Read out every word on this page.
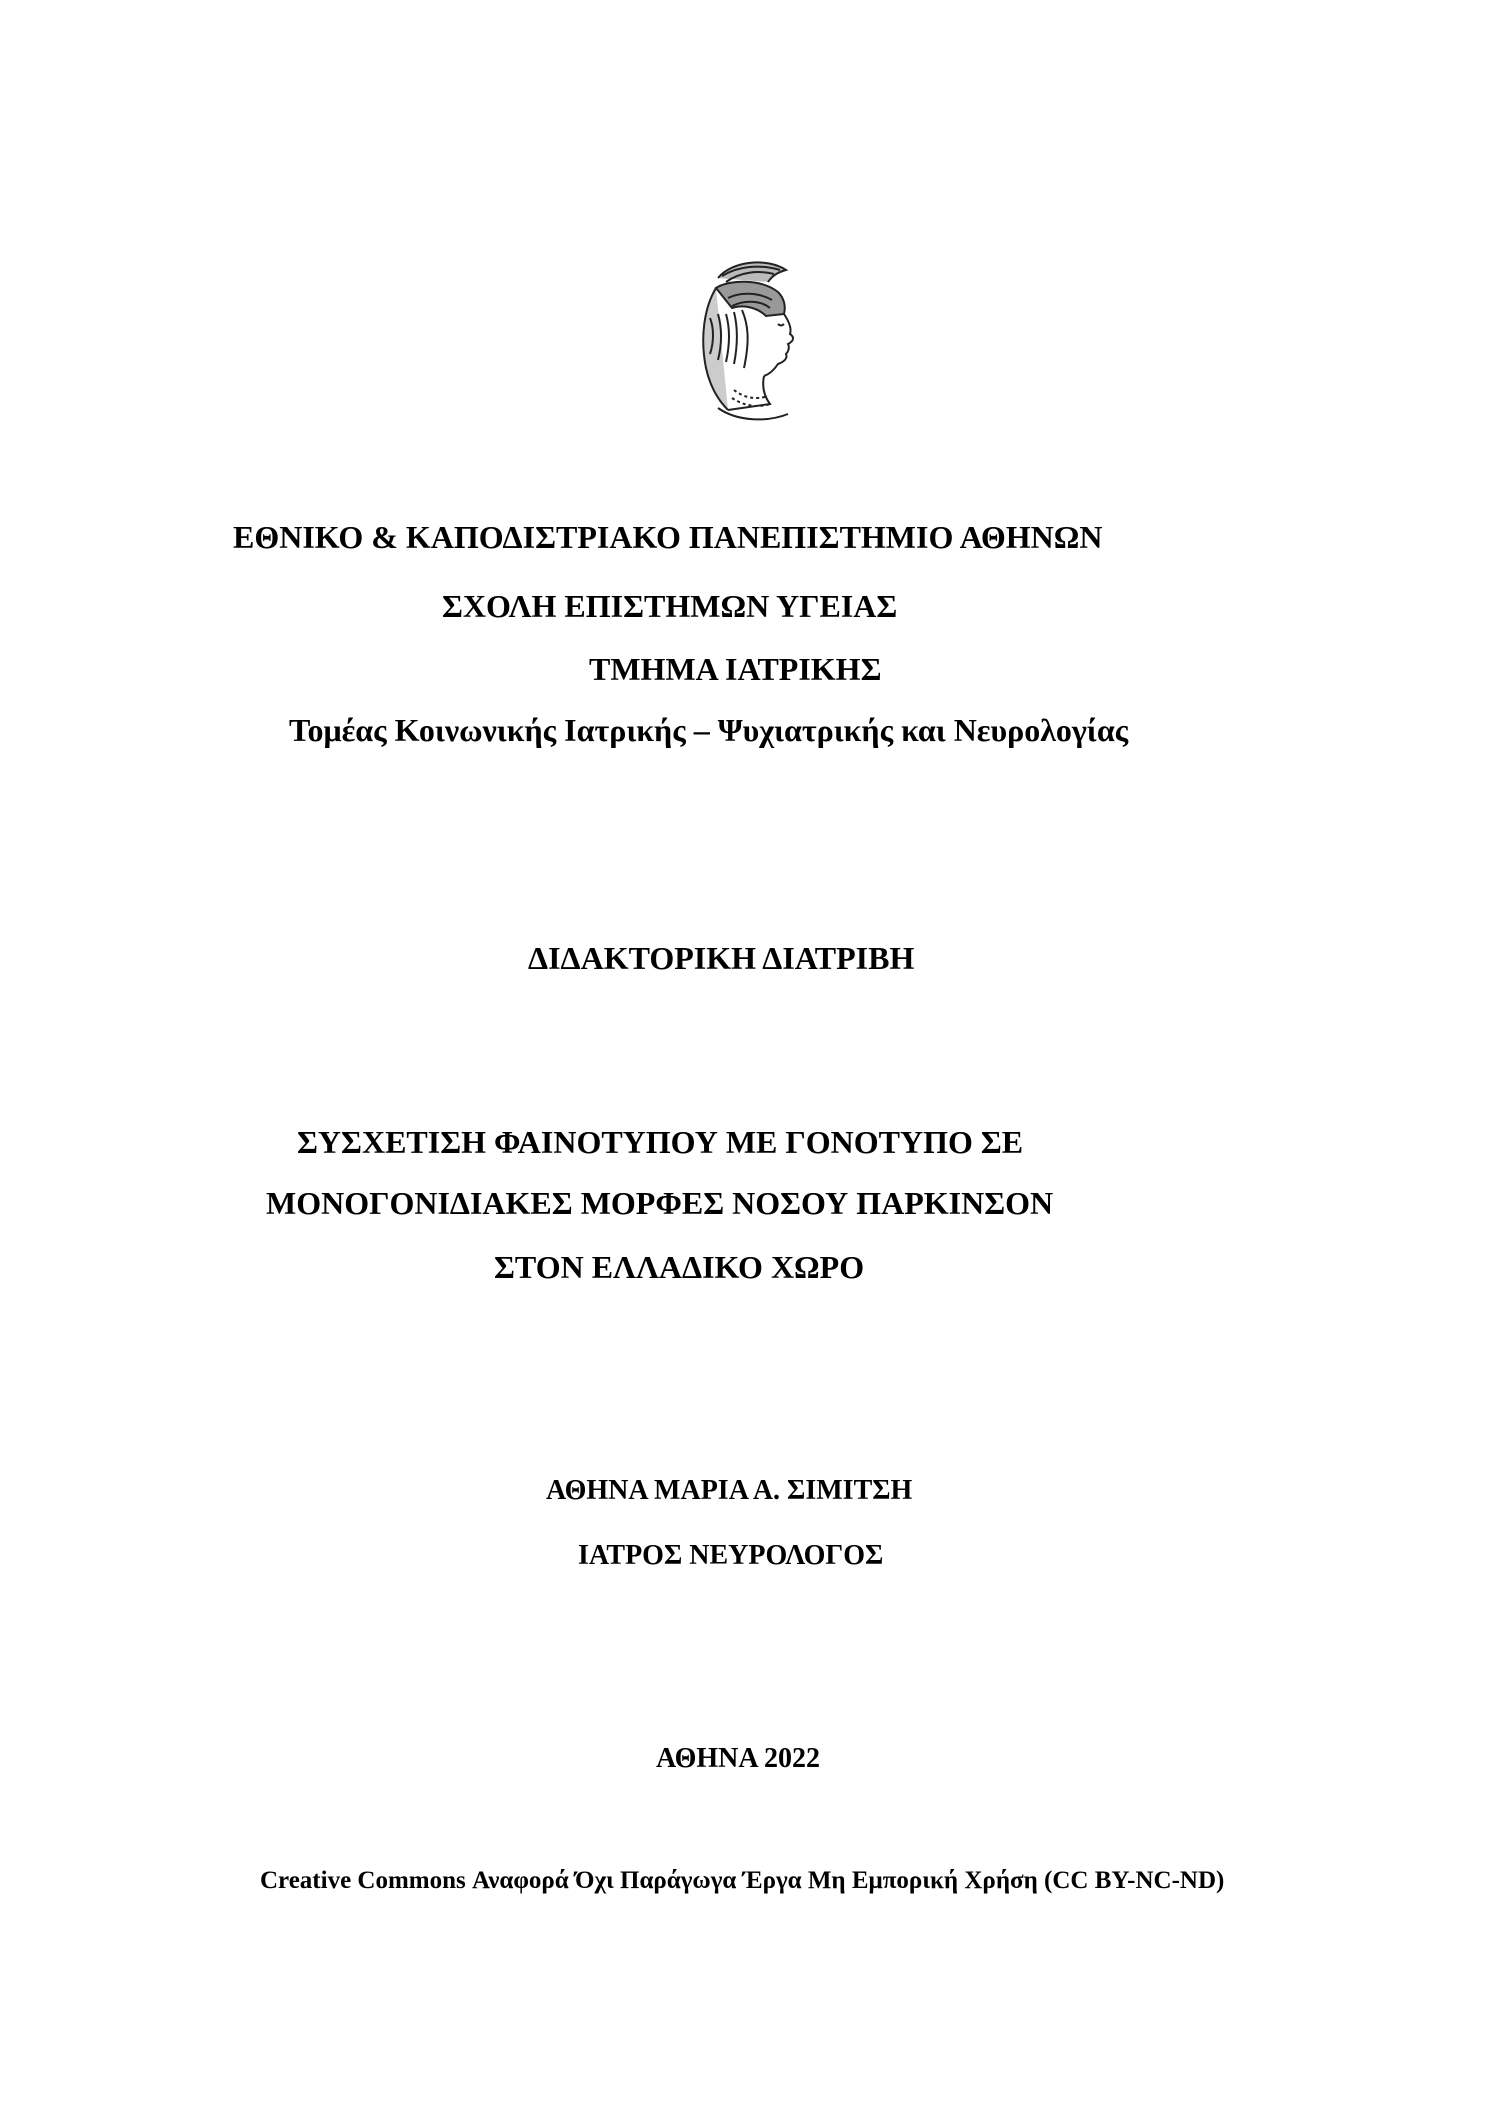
ΕΘΝΙΚΟ & ΚΑΠΟΔΙΣΤΡΙΑΚΟ ΠΑΝΕΠΙΣΤΗΜΙΟ ΑΘΗΝΩΝ
ΣΧΟΛΗ ΕΠΙΣΤΗΜΩΝ ΥΓΕΙΑΣ
ΤΜΗΜΑ ΙΑΤΡΙΚΗΣ
Τομέας Κοινωνικής Ιατρικής – Ψυχιατρικής και Νευρολογίας
ΔΙΔΑΚΤΟΡΙΚΗ ΔΙΑΤΡΙΒΗ
ΣΥΣΧΕΤΙΣΗ ΦΑΙΝΟΤΥΠΟΥ ΜΕ ΓΟΝΟΤΥΠΟ ΣΕ
ΜΟΝΟΓΟΝΙΔΙΑΚΕΣ ΜΟΡΦΕΣ ΝΟΣΟΥ ΠΑΡΚΙΝΣΟΝ
ΣΤΟΝ ΕΛΛΑΔΙΚΟ ΧΩΡΟ
ΑΘΗΝΑ ΜΑΡΙΑ Α. ΣΙΜΙΤΣΗ
ΙΑΤΡΟΣ ΝΕΥΡΟΛΟΓΟΣ
ΑΘΗΝΑ 2022
Creative Commons Αναφορά Όχι Παράγωγα Έργα Μη Εμπορική Χρήση (CC BY-NC-ND)
